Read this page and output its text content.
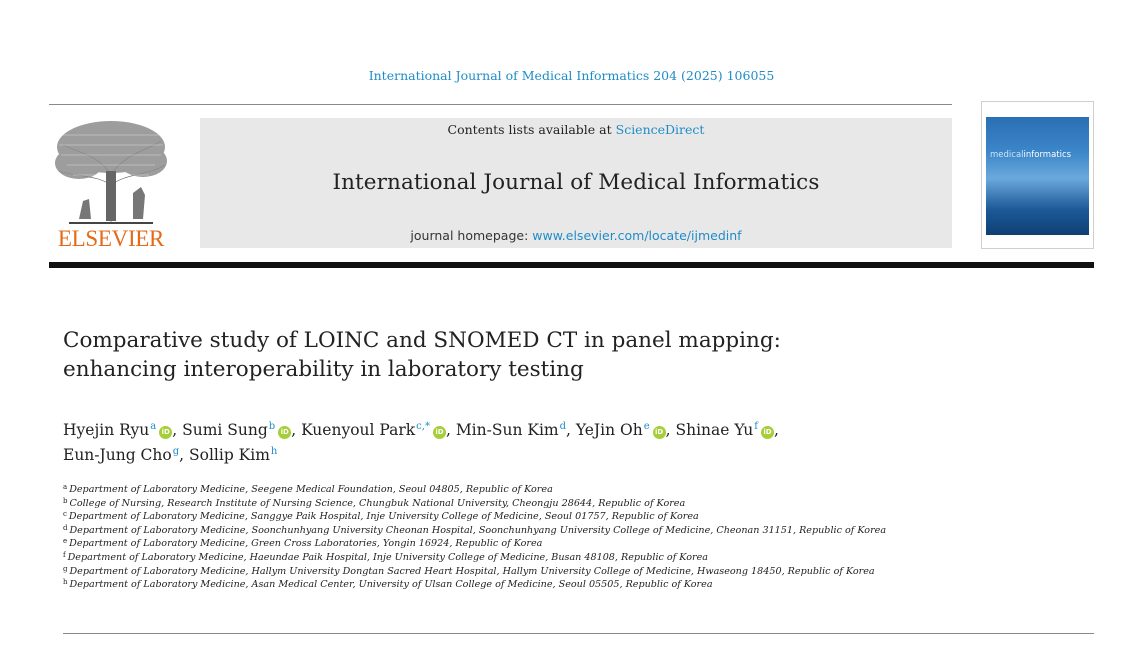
International Journal of Medical Informatics 204 (2025) 106055
ELSEVIER
Contents lists available at ScienceDirect
International Journal of Medical Informatics
journal homepage: www.elsevier.com/locate/ijmedinf
medicalinformatics
Comparative study of LOINC and SNOMED CT in panel mapping:
enhancing interoperability in laboratory testing
Hyejin Ryu$^a$ iD , Sumi Sung$^b$ iD , Kuenyoul Park$^{c,*}$ iD , Min-Sun Kim$^d$, YeJin Oh$^e$ iD , Shinae Yu$^f$ iD ,
Eun-Jung Cho$^g$, Sollip Kim$^h$
$^a$ Department of Laboratory Medicine, Seegene Medical Foundation, Seoul 04805, Republic of Korea
$^b$ College of Nursing, Research Institute of Nursing Science, Chungbuk National University, Cheongju 28644, Republic of Korea
$^c$ Department of Laboratory Medicine, Sanggye Paik Hospital, Inje University College of Medicine, Seoul 01757, Republic of Korea
$^d$ Department of Laboratory Medicine, Soonchunhyang University Cheonan Hospital, Soonchunhyang University College of Medicine, Cheonan 31151, Republic of Korea
$^e$ Department of Laboratory Medicine, Green Cross Laboratories, Yongin 16924, Republic of Korea
$^f$ Department of Laboratory Medicine, Haeundae Paik Hospital, Inje University College of Medicine, Busan 48108, Republic of Korea
$^g$ Department of Laboratory Medicine, Hallym University Dongtan Sacred Heart Hospital, Hallym University College of Medicine, Hwaseong 18450, Republic of Korea
$^h$ Department of Laboratory Medicine, Asan Medical Center, University of Ulsan College of Medicine, Seoul 05505, Republic of Korea
